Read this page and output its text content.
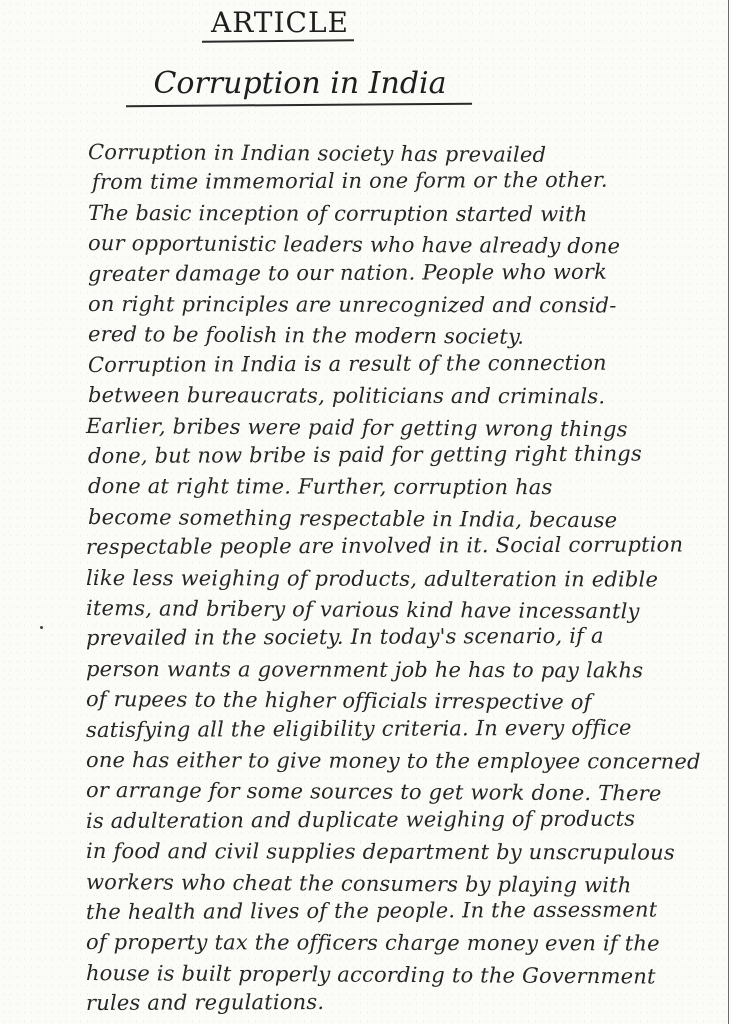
ARTICLE
Corruption in India
Corruption in Indian society has prevailed
from time immemorial in one form or the other.
The basic inception of corruption started with
our opportunistic leaders who have already done
greater damage to our nation. People who work
on right principles are unrecognized and consid-
ered to be foolish in the modern society.
Corruption in India is a result of the connection
between bureaucrats, politicians and criminals.
Earlier, bribes were paid for getting wrong things
done, but now bribe is paid for getting right things
done at right time. Further, corruption has
become something respectable in India, because
respectable people are involved in it. Social corruption
like less weighing of products, adulteration in edible
items, and bribery of various kind have incessantly
prevailed in the society. In today's scenario, if a
person wants a government job he has to pay lakhs
of rupees to the higher officials irrespective of
satisfying all the eligibility criteria. In every office
one has either to give money to the employee concerned
or arrange for some sources to get work done. There
is adulteration and duplicate weighing of products
in food and civil supplies department by unscrupulous
workers who cheat the consumers by playing with
the health and lives of the people. In the assessment
of property tax the officers charge money even if the
house is built properly according to the Government
rules and regulations.
